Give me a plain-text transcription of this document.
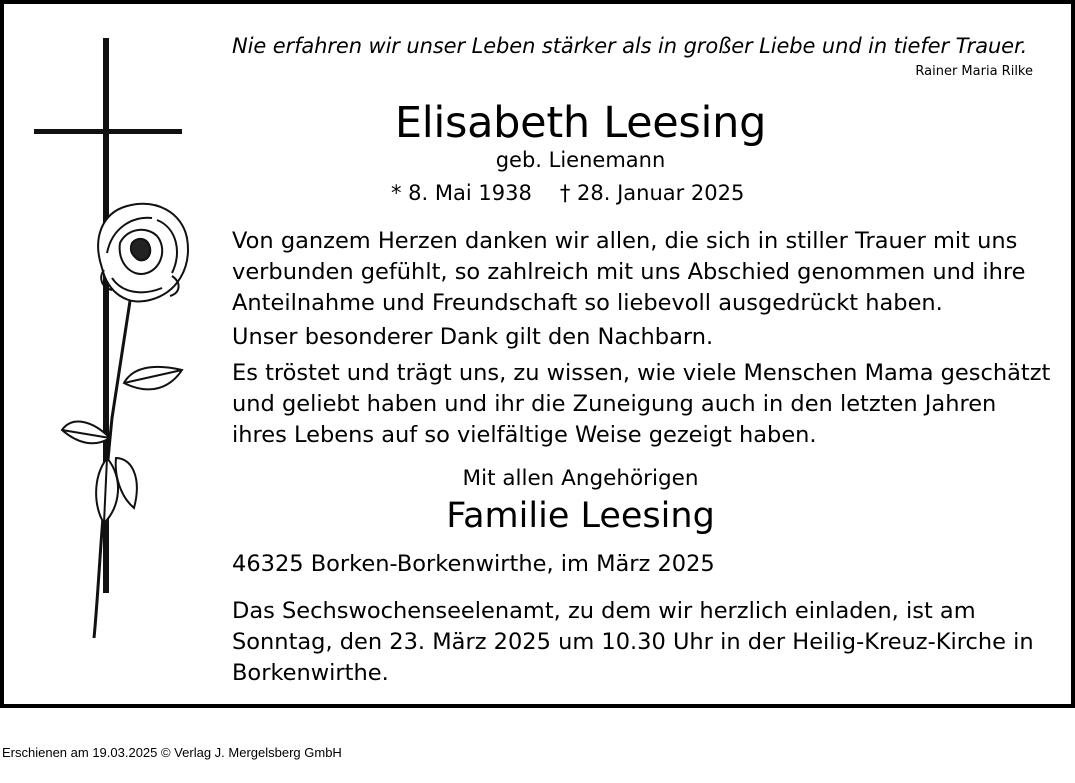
Nie erfahren wir unser Leben stärker als in großer Liebe und in tiefer Trauer.

Rainer Maria Rilke

Elisabeth Leesing

geb. Lienemann

* 8. Mai 1938 † 28. Januar 2025

Von ganzem Herzen danken wir allen, die sich in stiller Trauer mit uns verbunden gefühlt, so zahlreich mit uns Abschied genommen und ihre Anteilnahme und Freundschaft so liebevoll ausgedrückt haben.

Unser besonderer Dank gilt den Nachbarn.

Es tröstet und trägt uns, zu wissen, wie viele Menschen Mama geschätzt und geliebt haben und ihr die Zuneigung auch in den letzten Jahren ihres Lebens auf so vielfältige Weise gezeigt haben.

Mit allen Angehörigen

Familie Leesing

46325 Borken-Borkenwirthe, im März 2025

Das Sechswochenseelenamt, zu dem wir herzlich einladen, ist am Sonntag, den 23. März 2025 um 10.30 Uhr in der Heilig-Kreuz-Kirche in Borkenwirthe.

Erschienen am 19.03.2025 © Verlag J. Mergelsberg GmbH
